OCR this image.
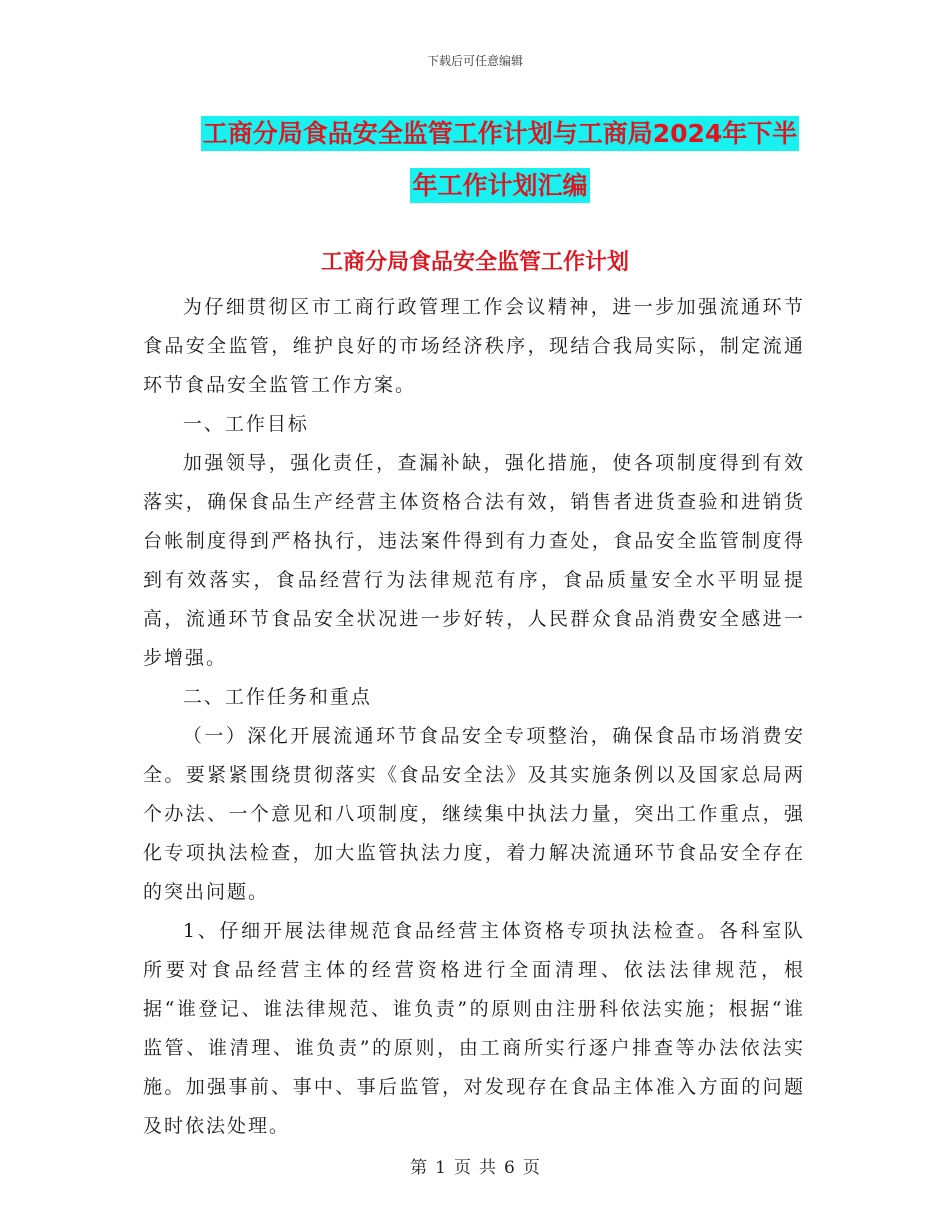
下载后可任意编辑
工商分局食品安全监管工作计划与工商局2024年下半
年工作计划汇编
工商分局食品安全监管工作计划

为仔细贯彻区市工商行政管理工作会议精神，进一步加强流通环节食品安全监管，维护良好的市场经济秩序，现结合我局实际，制定流通环节食品安全监管工作方案。

一、工作目标

加强领导，强化责任，查漏补缺，强化措施，使各项制度得到有效落实，确保食品生产经营主体资格合法有效，销售者进货查验和进销货台帐制度得到严格执行，违法案件得到有力查处，食品安全监管制度得到有效落实，食品经营行为法律规范有序，食品质量安全水平明显提高，流通环节食品安全状况进一步好转，人民群众食品消费安全感进一步增强。

二、工作任务和重点

（一）深化开展流通环节食品安全专项整治，确保食品市场消费安全。要紧紧围绕贯彻落实《食品安全法》及其实施条例以及国家总局两个办法、一个意见和八项制度，继续集中执法力量，突出工作重点，强化专项执法检查，加大监管执法力度，着力解决流通环节食品安全存在的突出问题。

1、仔细开展法律规范食品经营主体资格专项执法检查。各科室队所要对食品经营主体的经营资格进行全面清理、依法法律规范，根据“谁登记、谁法律规范、谁负责”的原则由注册科依法实施；根据“谁监管、谁清理、谁负责”的原则，由工商所实行逐户排查等办法依法实施。加强事前、事中、事后监管，对发现存在食品主体准入方面的问题及时依法处理。

第 1 页 共 6 页
